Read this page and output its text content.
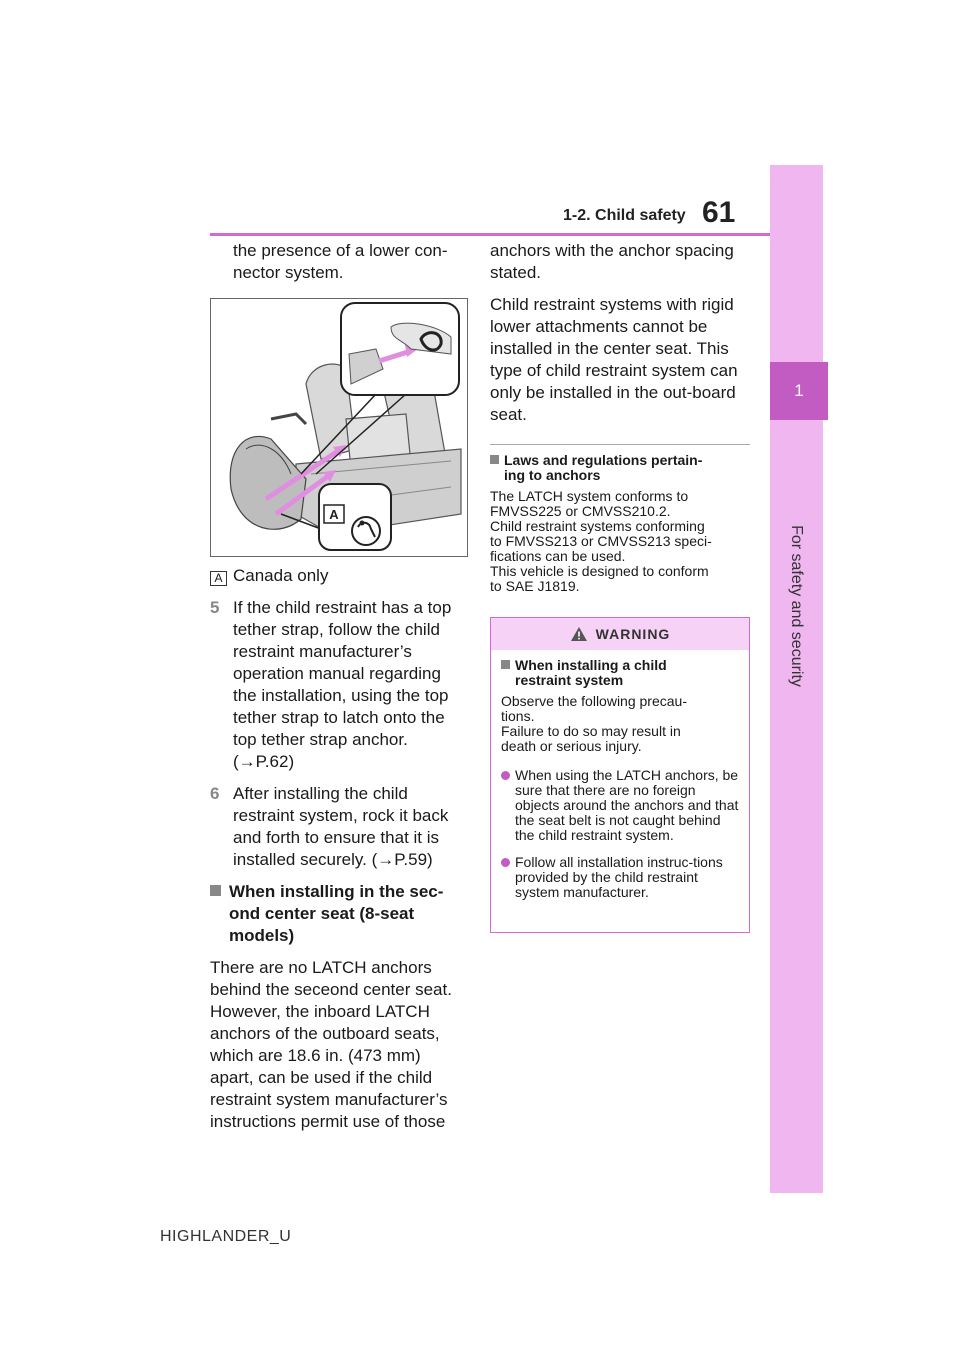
1
For safety and security
1-2. Child safety 61

the presence of a lower con-
nector system.

A

A Canada only

5 If the child restraint has a top tether strap, follow the child restraint manufacturer’s operation manual regarding the installation, using the top tether strap to latch onto the top tether strap anchor. (→P.62)
6 After installing the child restraint system, rock it back and forth to ensure that it is installed securely. (→P.59)
When installing in the sec-
ond center seat (8-seat
models)

There are no LATCH anchors behind the seceond center seat. However, the inboard LATCH anchors of the outboard seats, which are 18.6 in. (473 mm) apart, can be used if the child restraint system manufacturer’s instructions permit use of those

anchors with the anchor spacing stated.

Child restraint systems with rigid lower attachments cannot be installed in the center seat. This type of child restraint system can only be installed in the out-board seat.

Laws and regulations pertain-
ing to anchors

The LATCH system conforms to
FMVSS225 or CMVSS210.2.
Child restraint systems conforming
to FMVSS213 or CMVSS213 speci-
fications can be used.
This vehicle is designed to conform
to SAE J1819.

WARNING
When installing a child
restraint system

Observe the following precau-
tions.
Failure to do so may result in
death or serious injury.

When using the LATCH anchors, be sure that there are no foreign objects around the anchors and that the seat belt is not caught behind the child restraint system.
Follow all installation instruc-tions provided by the child restraint system manufacturer.
HIGHLANDER_U
